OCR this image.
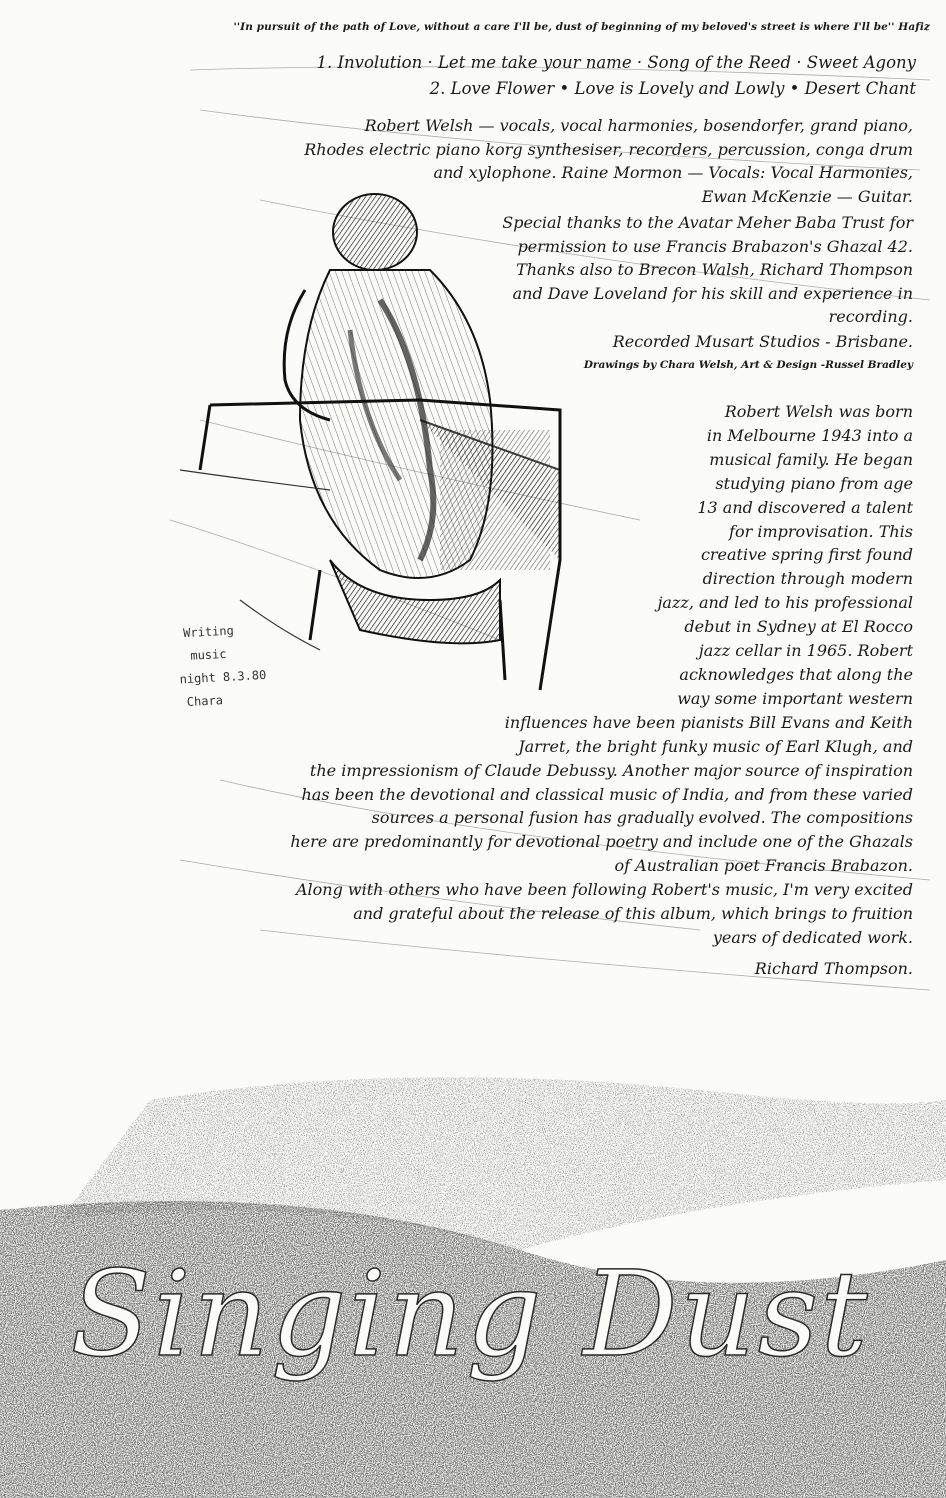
''In pursuit of the path of Love, without a care I'll be, dust of beginning of my beloved's street is where I'll be'' Hafiz
1. Involution · Let me take your name · Song of the Reed · Sweet Agony
2. Love Flower • Love is Lovely and Lowly • Desert Chant
Robert Welsh — vocals, vocal harmonies, bosendorfer, grand piano,
Rhodes electric piano korg synthesiser, recorders, percussion, conga drum
and xylophone. Raine Mormon — Vocals: Vocal Harmonies,
Ewan McKenzie — Guitar.
Special thanks to the Avatar Meher Baba Trust for
permission to use Francis Brabazon's Ghazal 42.
Thanks also to Brecon Walsh, Richard Thompson
and Dave Loveland for his skill and experience in
recording.
Recorded Musart Studios - Brisbane.
Drawings by Chara Welsh, Art & Design -Russel Bradley
Writing
music
night 8.3.80
Chara
Robert Welsh was born
in Melbourne 1943 into a
musical family. He began
studying piano from age
13 and discovered a talent
for improvisation. This
creative spring first found
direction through modern
jazz, and led to his professional
debut in Sydney at El Rocco
jazz cellar in 1965. Robert
acknowledges that along the
way some important western
influences have been pianists Bill Evans and Keith
Jarret, the bright funky music of Earl Klugh, and
the impressionism of Claude Debussy. Another major source of inspiration
has been the devotional and classical music of India, and from these varied
sources a personal fusion has gradually evolved. The compositions
here are predominantly for devotional poetry and include one of the Ghazals
of Australian poet Francis Brabazon.
Along with others who have been following Robert's music, I'm very excited
and grateful about the release of this album, which brings to fruition
years of dedicated work.
Richard Thompson.
Singing Dust
